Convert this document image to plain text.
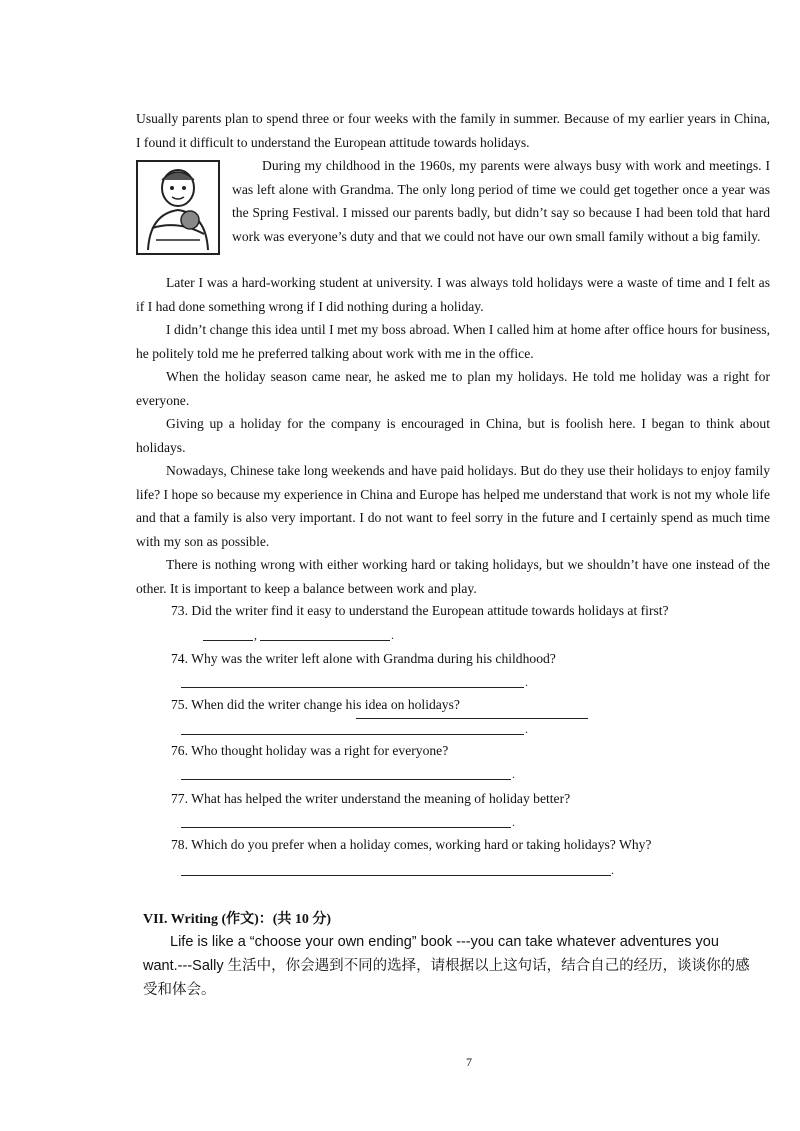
Usually parents plan to spend three or four weeks with the family in summer. Because of my earlier years in China, I found it difficult to understand the European attitude towards holidays.

During my childhood in the 1960s, my parents were always busy with work and meetings. I was left alone with Grandma. The only long period of time we could get together once a year was the Spring Festival. I missed our parents badly, but didn’t say so because I had been told that hard work was everyone’s duty and that we could not have our own small family without a big family.

Later I was a hard-working student at university. I was always told holidays were a waste of time and I felt as if I had done something wrong if I did nothing during a holiday.

I didn’t change this idea until I met my boss abroad. When I called him at home after office hours for business, he politely told me he preferred talking about work with me in the office.

When the holiday season came near, he asked me to plan my holidays. He told me holiday was a right for everyone.

Giving up a holiday for the company is encouraged in China, but is foolish here. I began to think about holidays.

Nowadays, Chinese take long weekends and have paid holidays. But do they use their holidays to enjoy family life? I hope so because my experience in China and Europe has helped me understand that work is not my whole life and that a family is also very important. I do not want to feel sorry in the future and I certainly spend as much time with my son as possible.

There is nothing wrong with either working hard or taking holidays, but we shouldn’t have one instead of the other. It is important to keep a balance between work and play.

73. Did the writer find it easy to understand the European attitude towards holidays at first?

,	.

74. Why was the writer left alone with Grandma during his childhood?

.

75. When did the writer change his idea on holidays?

.

76. Who thought holiday was a right for everyone?

.

77. What has helped the writer understand the meaning of holiday better?

.

78. Which do you prefer when a holiday comes, working hard or taking holidays? Why?

.

VII. Writing (作文)：(共 10 分)

Life is like a “choose your own ending” book ---you can take whatever adventures you want.---Sally 生活中，你会遇到不同的选择，请根据以上这句话，结合自己的经历，谈谈你的感受和体会。

7
